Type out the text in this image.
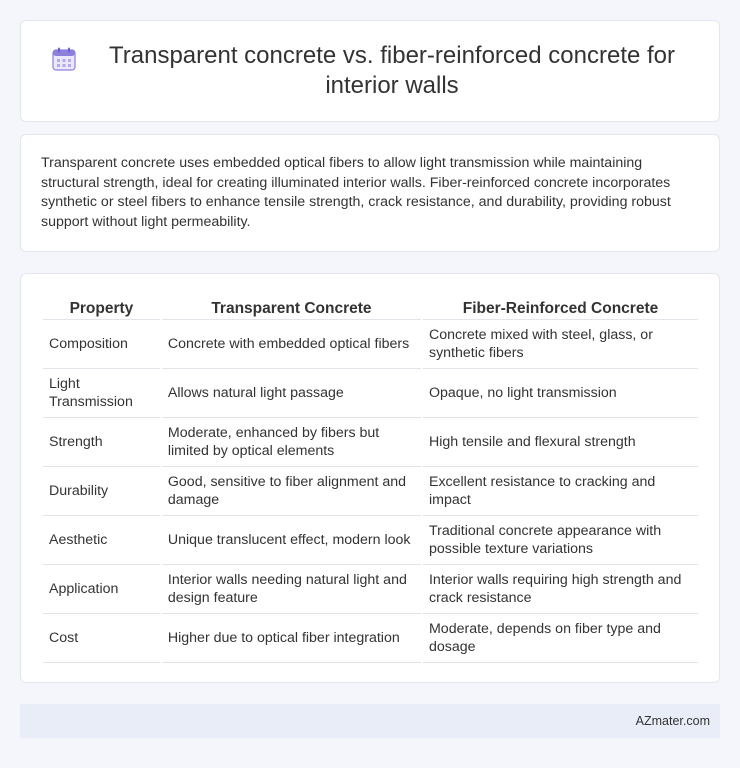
Transparent concrete vs. fiber-reinforced concrete for interior walls

Transparent concrete uses embedded optical fibers to allow light transmission while maintaining structural strength, ideal for creating illuminated interior walls. Fiber-reinforced concrete incorporates synthetic or steel fibers to enhance tensile strength, crack resistance, and durability, providing robust support without light permeability.

Property	Transparent Concrete	Fiber-Reinforced Concrete
Composition	Concrete with embedded optical fibers	Concrete mixed with steel, glass, or synthetic fibers
Light Transmission	Allows natural light passage	Opaque, no light transmission
Strength	Moderate, enhanced by fibers but limited by optical elements	High tensile and flexural strength
Durability	Good, sensitive to fiber alignment and damage	Excellent resistance to cracking and impact
Aesthetic	Unique translucent effect, modern look	Traditional concrete appearance with possible texture variations
Application	Interior walls needing natural light and design feature	Interior walls requiring high strength and crack resistance
Cost	Higher due to optical fiber integration	Moderate, depends on fiber type and dosage
AZmater.com
